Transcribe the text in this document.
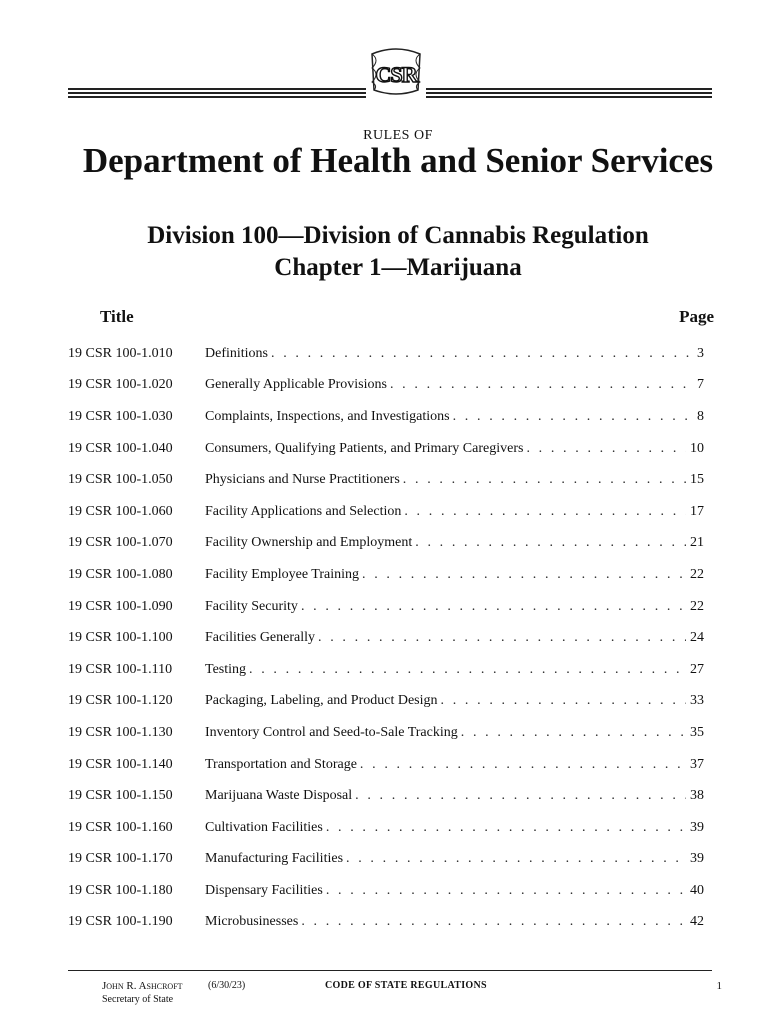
CSR
RULES OF
Department of Health and Senior Services
Division 100—Division of Cannabis Regulation
Chapter 1—Marijuana
Title	Page
19 CSR 100-1.010	Definitions . . .	3
19 CSR 100-1.020	Generally Applicable Provisions . . .	7
19 CSR 100-1.030	Complaints, Inspections, and Investigations . . .	8
19 CSR 100-1.040	Consumers, Qualifying Patients, and Primary Caregivers . . .	10
19 CSR 100-1.050	Physicians and Nurse Practitioners . . .	15
19 CSR 100-1.060	Facility Applications and Selection . . .	17
19 CSR 100-1.070	Facility Ownership and Employment . . .	21
19 CSR 100-1.080	Facility Employee Training . . .	22
19 CSR 100-1.090	Facility Security . . .	22
19 CSR 100-1.100	Facilities Generally . . .	24
19 CSR 100-1.110	Testing . . .	27
19 CSR 100-1.120	Packaging, Labeling, and Product Design . . .	33
19 CSR 100-1.130	Inventory Control and Seed-to-Sale Tracking . . .	35
19 CSR 100-1.140	Transportation and Storage . . .	37
19 CSR 100-1.150	Marijuana Waste Disposal . . .	38
19 CSR 100-1.160	Cultivation Facilities . . .	39
19 CSR 100-1.170	Manufacturing Facilities . . .	39
19 CSR 100-1.180	Dispensary Facilities . . .	40
19 CSR 100-1.190	Microbusinesses . . .	42
John R. Ashcroft
Secretary of State
(6/30/23)	CODE OF STATE REGULATIONS	1
